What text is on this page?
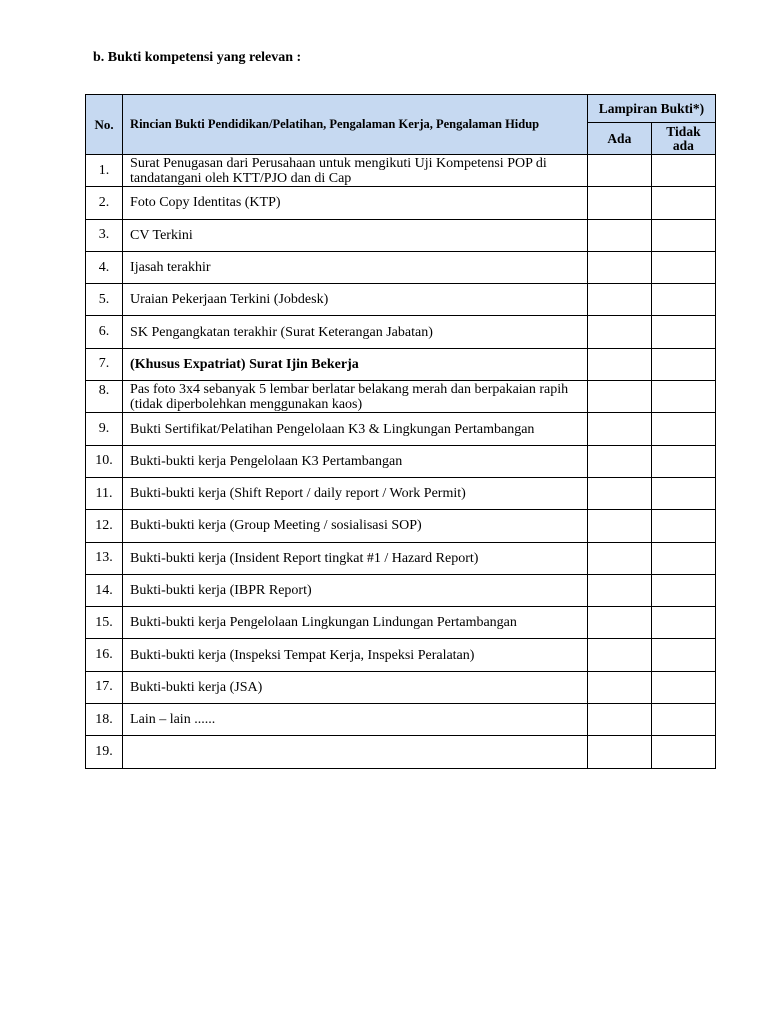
b. Bukti kompetensi yang relevan :
No.	Rincian Bukti Pendidikan/Pelatihan, Pengalaman Kerja, Pengalaman Hidup	Lampiran Bukti*)	
		Ada	Tidak
ada
1.	Surat Penugasan dari Perusahaan untuk mengikuti Uji Kompetensi POP di
tandatangani oleh KTT/PJO dan di Cap		
2.	Foto Copy Identitas (KTP)		
3.	CV Terkini		
4.	Ijasah terakhir		
5.	Uraian Pekerjaan Terkini (Jobdesk)		
6.	SK Pengangkatan terakhir (Surat Keterangan Jabatan)		
7.	(Khusus Expatriat) Surat Ijin Bekerja		
8.	Pas foto 3x4 sebanyak 5 lembar berlatar belakang merah dan berpakaian rapih
(tidak diperbolehkan menggunakan kaos)		
9.	Bukti Sertifikat/Pelatihan Pengelolaan K3 & Lingkungan Pertambangan		
10.	Bukti-bukti kerja Pengelolaan K3 Pertambangan		
11.	Bukti-bukti kerja (Shift Report / daily report / Work Permit)		
12.	Bukti-bukti kerja (Group Meeting / sosialisasi SOP)		
13.	Bukti-bukti kerja (Insident Report tingkat #1 / Hazard Report)		
14.	Bukti-bukti kerja (IBPR Report)		
15.	Bukti-bukti kerja Pengelolaan Lingkungan Lindungan Pertambangan		
16.	Bukti-bukti kerja (Inspeksi Tempat Kerja, Inspeksi Peralatan)		
17.	Bukti-bukti kerja (JSA)		
18.	Lain – lain ......		
19.			
